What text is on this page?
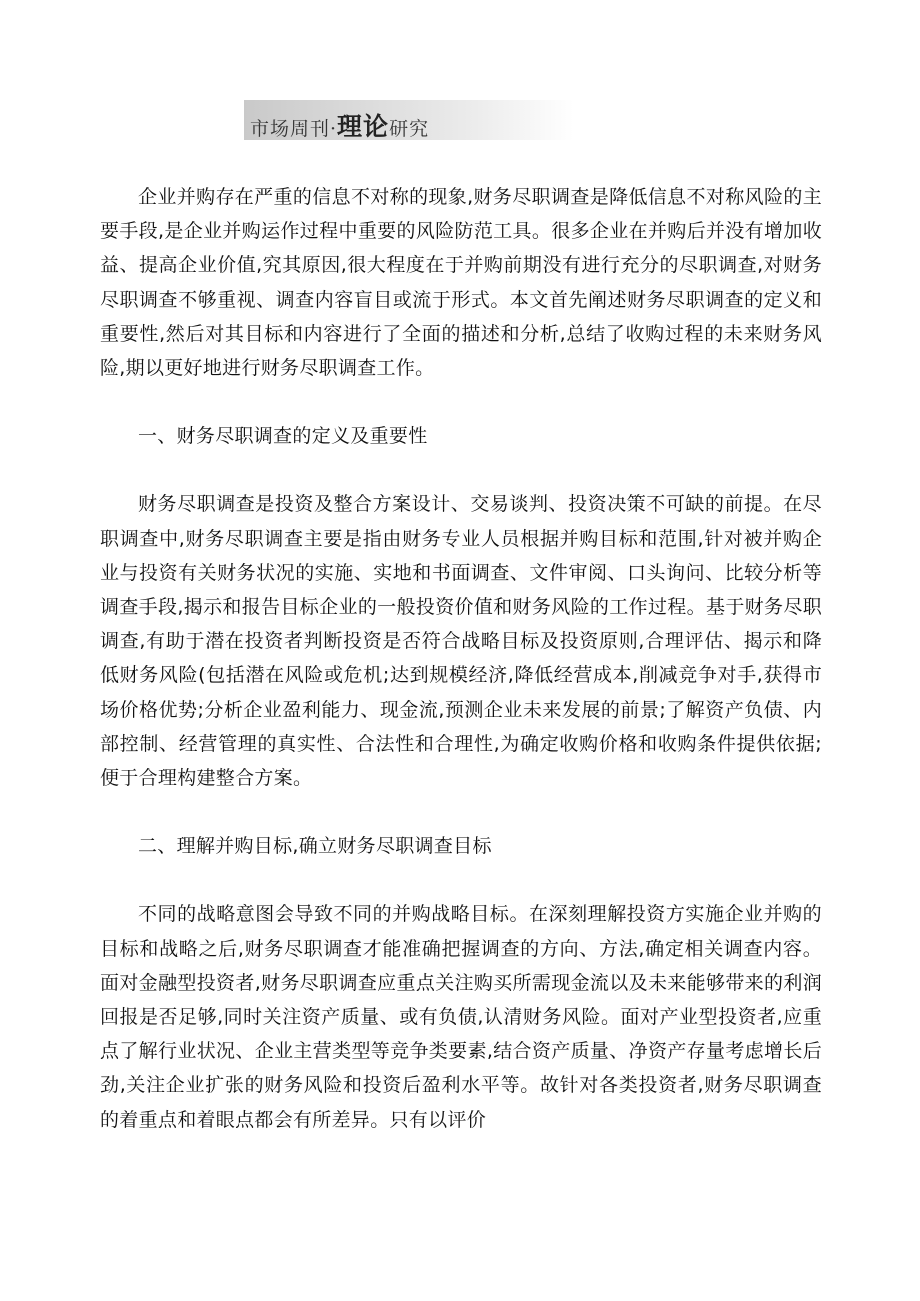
市场周刊·理论研究

企业并购存在严重的信息不对称的现象,财务尽职调查是降低信息不对称风险的主要手段,是企业并购运作过程中重要的风险防范工具。很多企业在并购后并没有增加收益、提高企业价值,究其原因,很大程度在于并购前期没有进行充分的尽职调查,对财务尽职调查不够重视、调查内容盲目或流于形式。本文首先阐述财务尽职调查的定义和重要性,然后对其目标和内容进行了全面的描述和分析,总结了收购过程的未来财务风险,期以更好地进行财务尽职调查工作。

一、财务尽职调查的定义及重要性

财务尽职调查是投资及整合方案设计、交易谈判、投资决策不可缺的前提。在尽职调查中,财务尽职调查主要是指由财务专业人员根据并购目标和范围,针对被并购企业与投资有关财务状况的实施、实地和书面调查、文件审阅、口头询问、比较分析等调查手段,揭示和报告目标企业的一般投资价值和财务风险的工作过程。基于财务尽职调查,有助于潜在投资者判断投资是否符合战略目标及投资原则,合理评估、揭示和降低财务风险(包括潜在风险或危机;达到规模经济,降低经营成本,削减竞争对手,获得市场价格优势;分析企业盈利能力、现金流,预测企业未来发展的前景;了解资产负债、内部控制、经营管理的真实性、合法性和合理性,为确定收购价格和收购条件提供依据;便于合理构建整合方案。

二、理解并购目标,确立财务尽职调查目标

不同的战略意图会导致不同的并购战略目标。在深刻理解投资方实施企业并购的目标和战略之后,财务尽职调查才能准确把握调查的方向、方法,确定相关调查内容。面对金融型投资者,财务尽职调查应重点关注购买所需现金流以及未来能够带来的利润回报是否足够,同时关注资产质量、或有负债,认清财务风险。面对产业型投资者,应重点了解行业状况、企业主营类型等竞争类要素,结合资产质量、净资产存量考虑增长后劲,关注企业扩张的财务风险和投资后盈利水平等。故针对各类投资者,财务尽职调查的着重点和着眼点都会有所差异。只有以评价
